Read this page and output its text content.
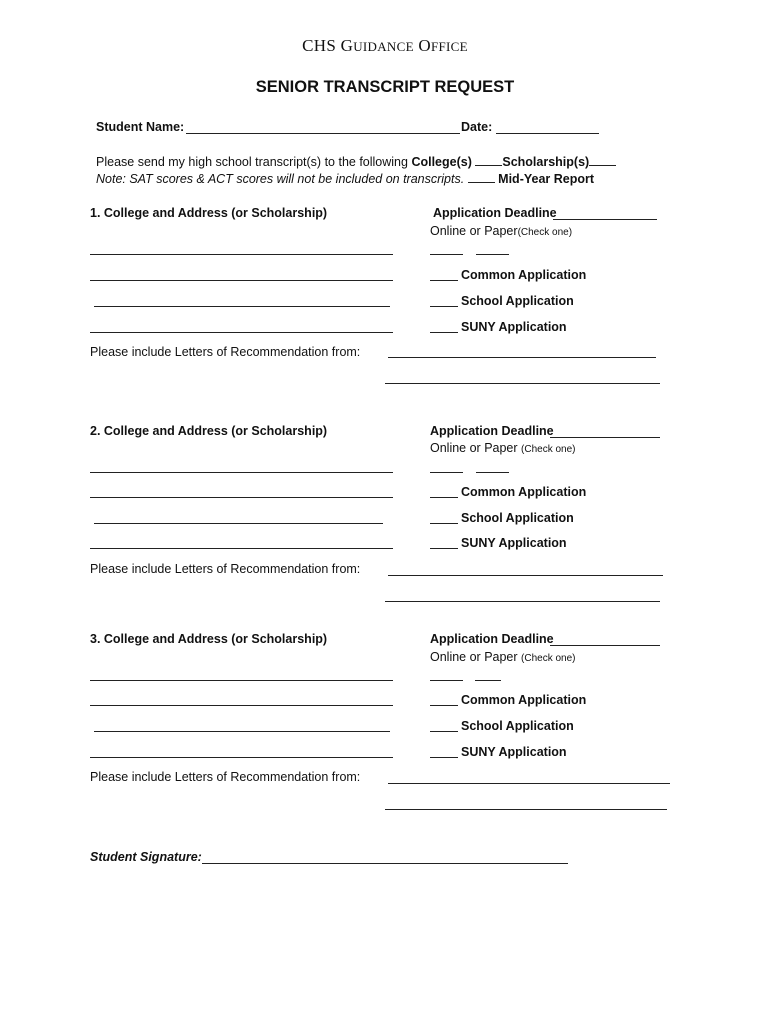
CHS GUIDANCE OFFICE
SENIOR TRANSCRIPT REQUEST
Student Name:	Date:
Please send my high school transcript(s) to the following College(s) Scholarship(s)
Note: SAT scores & ACT scores will not be included on transcripts.	Mid-Year Report
1. College and Address (or Scholarship)	Application Deadline
Online or Paper(Check one)
Common Application
School Application
SUNY Application
Please include Letters of Recommendation from:
2. College and Address (or Scholarship)	Application Deadline
Online or Paper (Check one)
Common Application
School Application
SUNY Application
Please include Letters of Recommendation from:
3. College and Address (or Scholarship)	Application Deadline
Online or Paper (Check one)
Common Application
School Application
SUNY Application
Please include Letters of Recommendation from:
Student Signature:
